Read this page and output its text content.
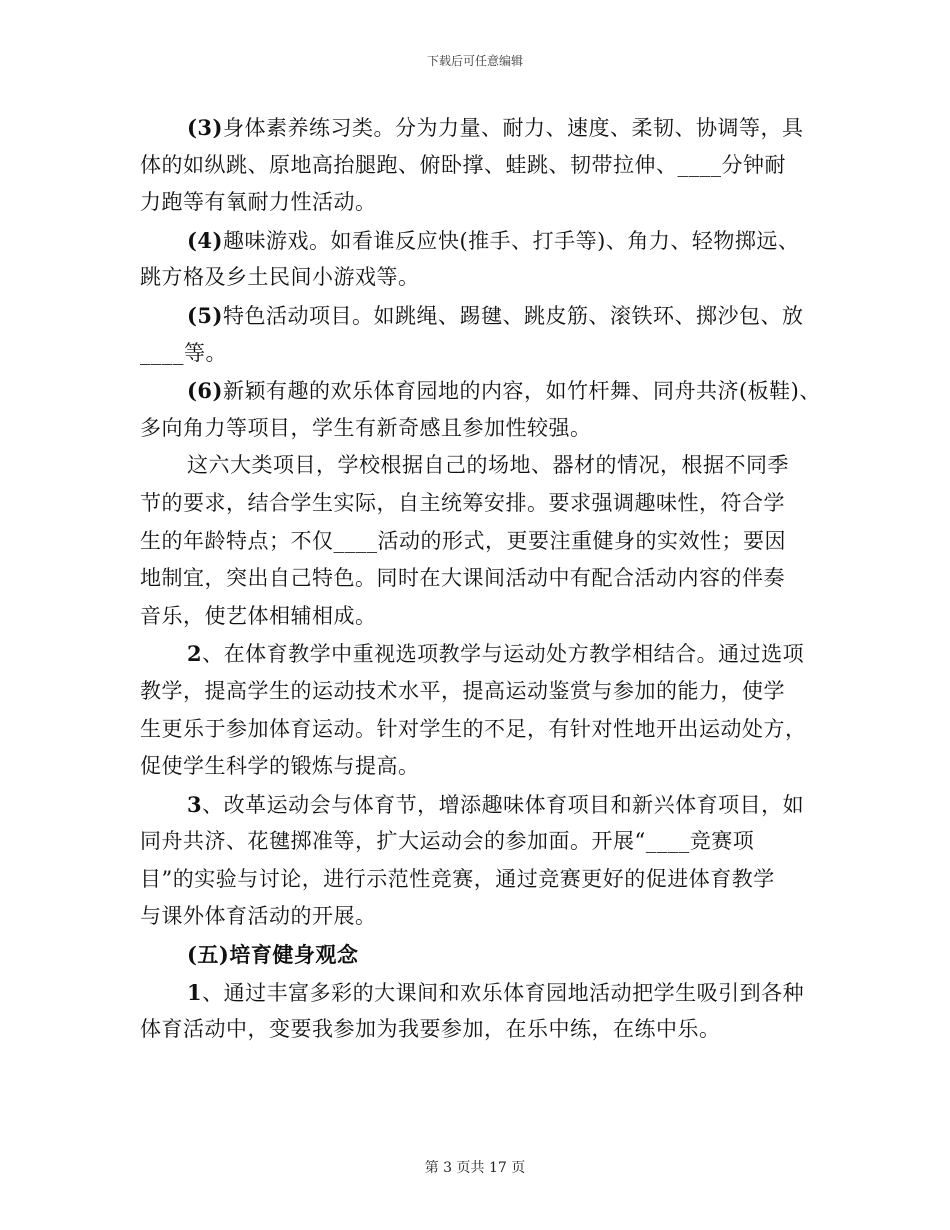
下载后可任意编辑
(3)身体素养练习类。分为力量、耐力、速度、柔韧、协调等，具
体的如纵跳、原地高抬腿跑、俯卧撑、蛙跳、韧带拉伸、____分钟耐
力跑等有氧耐力性活动。
(4)趣味游戏。如看谁反应快(推手、打手等)、角力、轻物掷远、
跳方格及乡土民间小游戏等。
(5)特色活动项目。如跳绳、踢毽、跳皮筋、滚铁环、掷沙包、放
____等。
(6)新颖有趣的欢乐体育园地的内容，如竹杆舞、同舟共济(板鞋)、
多向角力等项目，学生有新奇感且参加性较强。
这六大类项目，学校根据自己的场地、器材的情况，根据不同季
节的要求，结合学生实际，自主统筹安排。要求强调趣味性，符合学
生的年龄特点；不仅____活动的形式，更要注重健身的实效性；要因
地制宜，突出自己特色。同时在大课间活动中有配合活动内容的伴奏
音乐，使艺体相辅相成。
2、在体育教学中重视选项教学与运动处方教学相结合。通过选项
教学，提高学生的运动技术水平，提高运动鉴赏与参加的能力，使学
生更乐于参加体育运动。针对学生的不足，有针对性地开出运动处方，
促使学生科学的锻炼与提高。
3、改革运动会与体育节，增添趣味体育项目和新兴体育项目，如
同舟共济、花毽掷准等，扩大运动会的参加面。开展“____竞赛项
目”的实验与讨论，进行示范性竞赛，通过竞赛更好的促进体育教学
与课外体育活动的开展。
(五)培育健身观念
1、通过丰富多彩的大课间和欢乐体育园地活动把学生吸引到各种
体育活动中，变要我参加为我要参加，在乐中练，在练中乐。
第 3 页共 17 页
